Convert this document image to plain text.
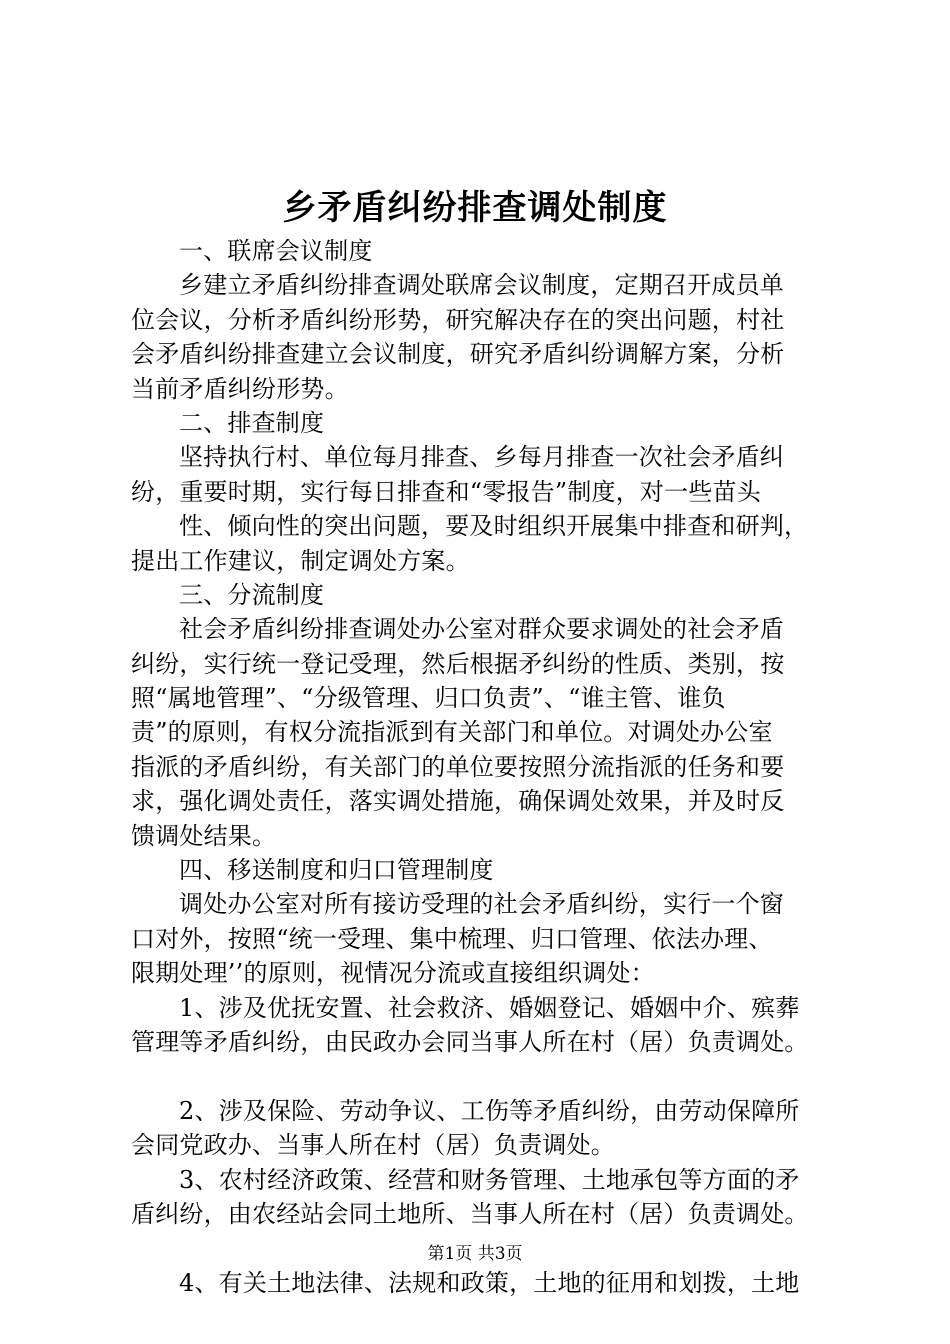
乡矛盾纠纷排查调处制度
一、联席会议制度
乡建立矛盾纠纷排查调处联席会议制度，定期召开成员单
位会议，分析矛盾纠纷形势，研究解决存在的突出问题，村社
会矛盾纠纷排查建立会议制度，研究矛盾纠纷调解方案，分析
当前矛盾纠纷形势。
二、排查制度
坚持执行村、单位每月排查、乡每月排查一次社会矛盾纠
纷，重要时期，实行每日排查和“零报告”制度，对一些苗头
性、倾向性的突出问题，要及时组织开展集中排查和研判，
提出工作建议，制定调处方案。
三、分流制度
社会矛盾纠纷排查调处办公室对群众要求调处的社会矛盾
纠纷，实行统一登记受理，然后根据矛纠纷的性质、类别，按
照“属地管理”、“分级管理、归口负责”、“谁主管、谁负
责”的原则，有权分流指派到有关部门和单位。对调处办公室
指派的矛盾纠纷，有关部门的单位要按照分流指派的任务和要
求，强化调处责任，落实调处措施，确保调处效果，并及时反
馈调处结果。
四、移送制度和归口管理制度
调处办公室对所有接访受理的社会矛盾纠纷，实行一个窗
口对外，按照“统一受理、集中梳理、归口管理、依法办理、
限期处理’’的原则，视情况分流或直接组织调处：
1、涉及优抚安置、社会救济、婚姻登记、婚姻中介、殡葬
管理等矛盾纠纷，由民政办会同当事人所在村（居）负责调处。
2、涉及保险、劳动争议、工伤等矛盾纠纷，由劳动保障所
会同党政办、当事人所在村（居）负责调处。
3、农村经济政策、经营和财务管理、土地承包等方面的矛
盾纠纷，由农经站会同土地所、当事人所在村（居）负责调处。
4、有关土地法律、法规和政策，土地的征用和划拨，土地
第1页 共3页
